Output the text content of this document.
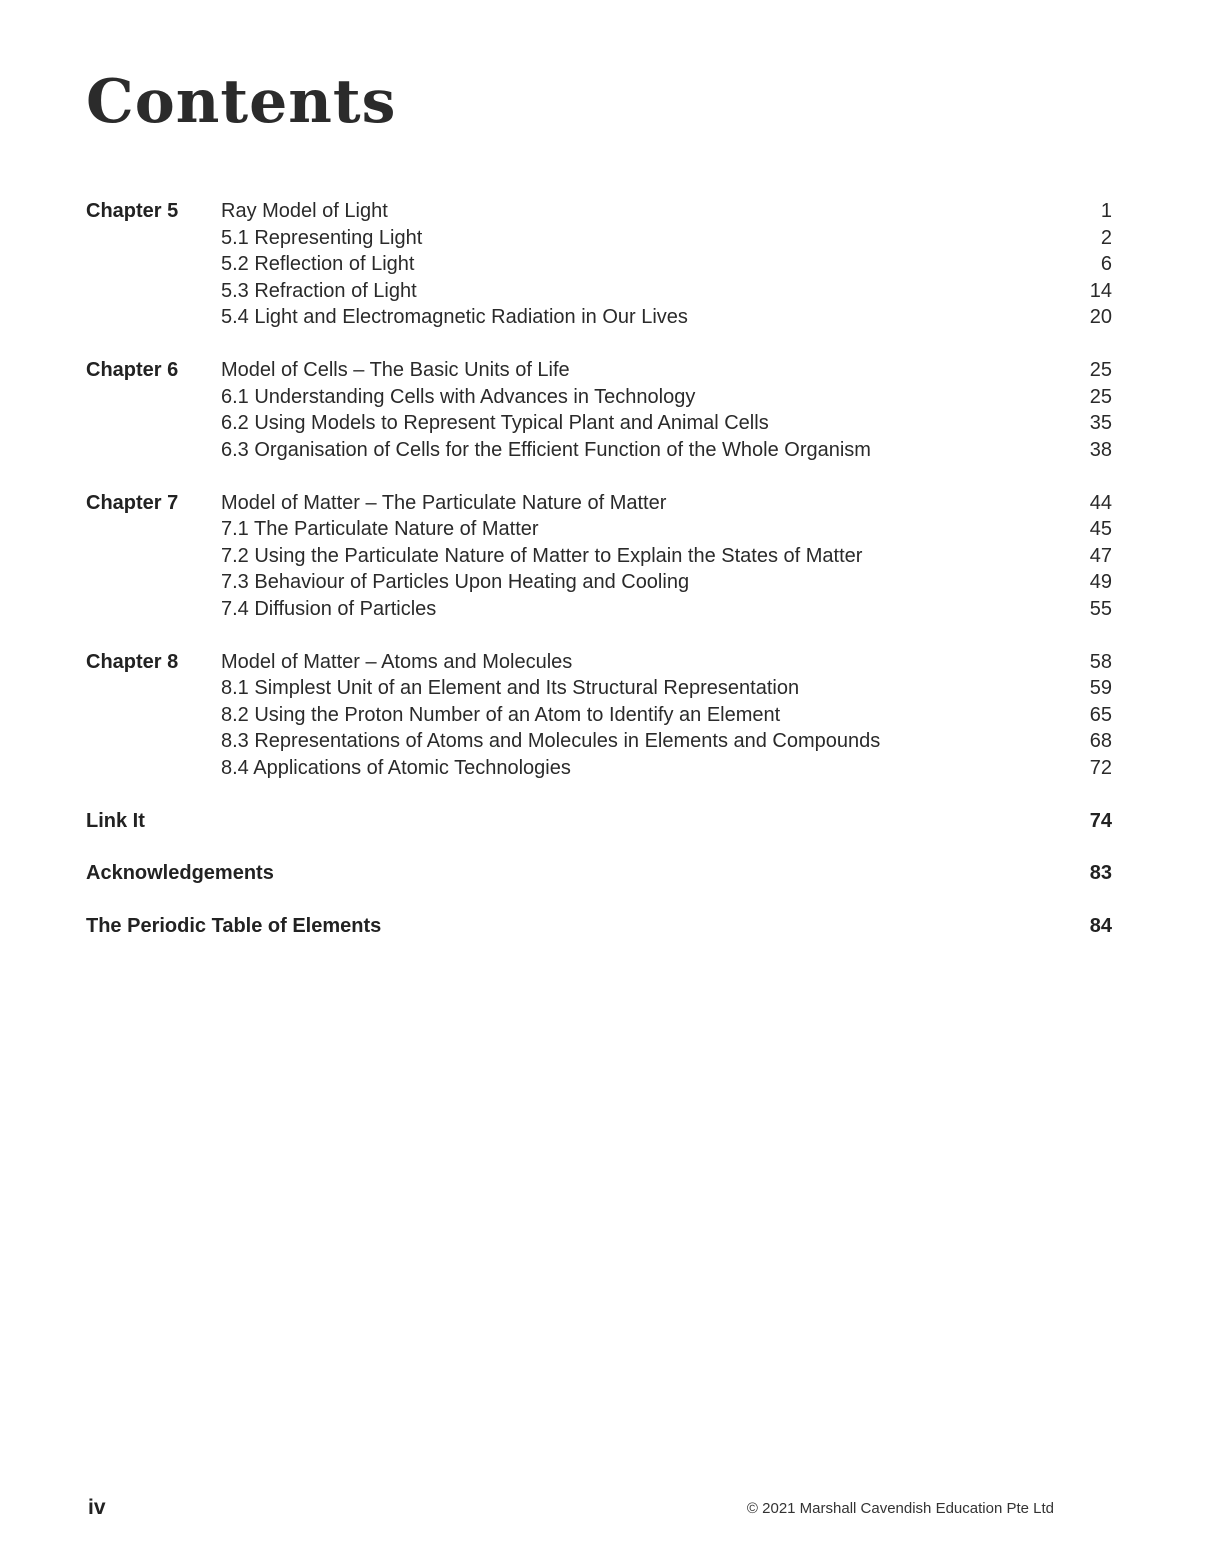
Contents
Chapter 5	Ray Model of Light	1
5.1 Representing Light	2
5.2 Reflection of Light	6
5.3 Refraction of Light	14
5.4 Light and Electromagnetic Radiation in Our Lives	20
Chapter 6	Model of Cells – The Basic Units of Life	25
6.1 Understanding Cells with Advances in Technology	25
6.2 Using Models to Represent Typical Plant and Animal Cells	35
6.3 Organisation of Cells for the Efficient Function of the Whole Organism	38
Chapter 7	Model of Matter – The Particulate Nature of Matter	44
7.1 The Particulate Nature of Matter	45
7.2 Using the Particulate Nature of Matter to Explain the States of Matter	47
7.3 Behaviour of Particles Upon Heating and Cooling	49
7.4 Diffusion of Particles	55
Chapter 8	Model of Matter – Atoms and Molecules	58
8.1 Simplest Unit of an Element and Its Structural Representation	59
8.2 Using the Proton Number of an Atom to Identify an Element	65
8.3 Representations of Atoms and Molecules in Elements and Compounds	68
8.4 Applications of Atomic Technologies	72
Link It	74
Acknowledgements	83
The Periodic Table of Elements	84
iv	© 2021 Marshall Cavendish Education Pte Ltd
